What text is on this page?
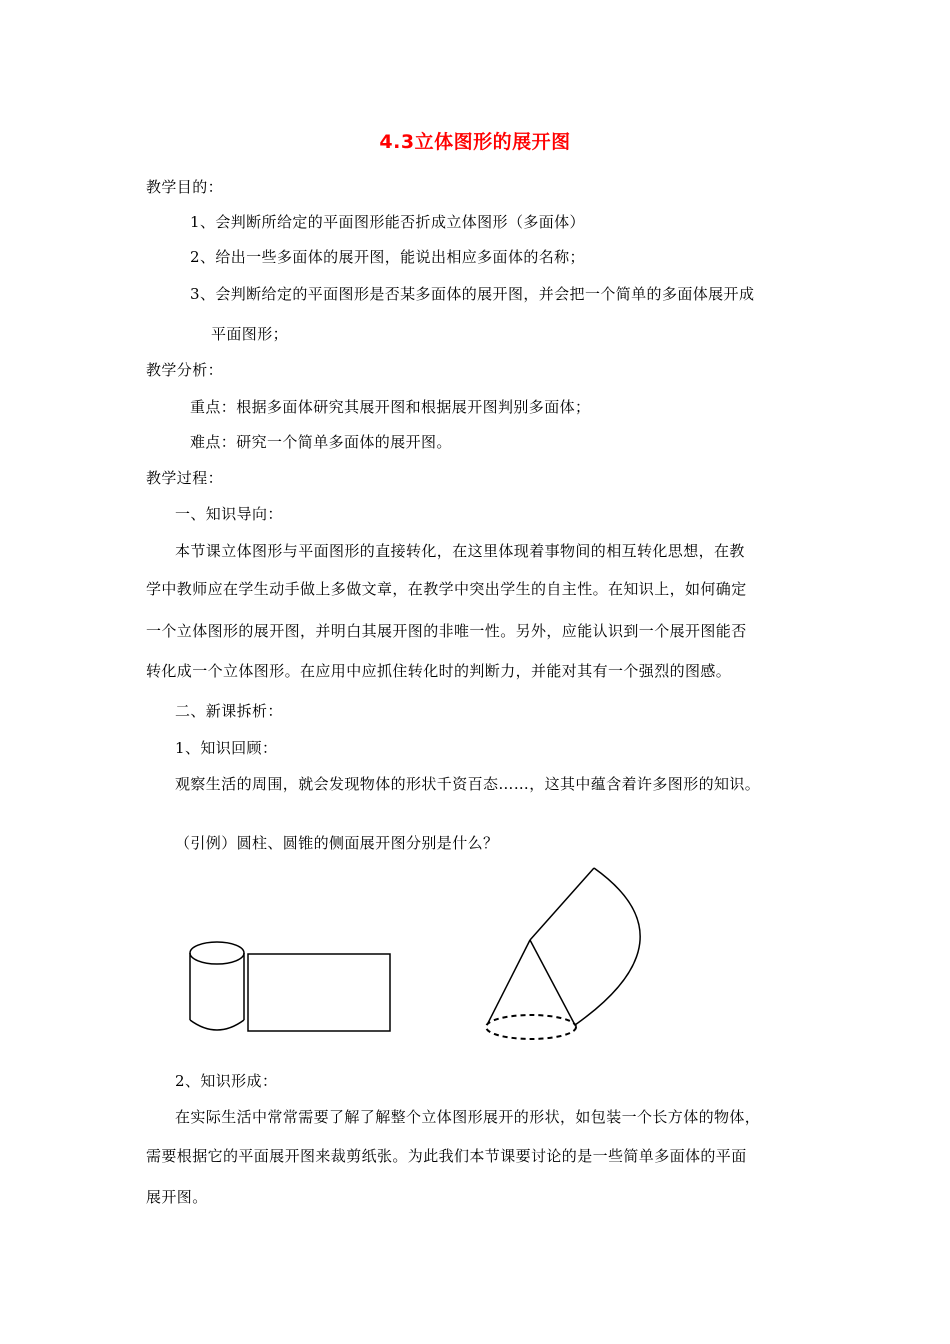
4.3立体图形的展开图
教学目的：
1、会判断所给定的平面图形能否折成立体图形（多面体）
2、给出一些多面体的展开图，能说出相应多面体的名称；
3、会判断给定的平面图形是否某多面体的展开图，并会把一个简单的多面体展开成
平面图形；
教学分析：
重点：根据多面体研究其展开图和根据展开图判别多面体；
难点：研究一个简单多面体的展开图。
教学过程：
一、知识导向：
本节课立体图形与平面图形的直接转化，在这里体现着事物间的相互转化思想，在教
学中教师应在学生动手做上多做文章，在教学中突出学生的自主性。在知识上，如何确定
一个立体图形的展开图，并明白其展开图的非唯一性。另外，应能认识到一个展开图能否
转化成一个立体图形。在应用中应抓住转化时的判断力，并能对其有一个强烈的图感。
二、新课拆析：
1、知识回顾：
观察生活的周围，就会发现物体的形状千资百态……，这其中蕴含着许多图形的知识。
（引例）圆柱、圆锥的侧面展开图分别是什么？
2、知识形成：
在实际生活中常常需要了解了解整个立体图形展开的形状，如包装一个长方体的物体，
需要根据它的平面展开图来裁剪纸张。为此我们本节课要讨论的是一些简单多面体的平面
展开图。
